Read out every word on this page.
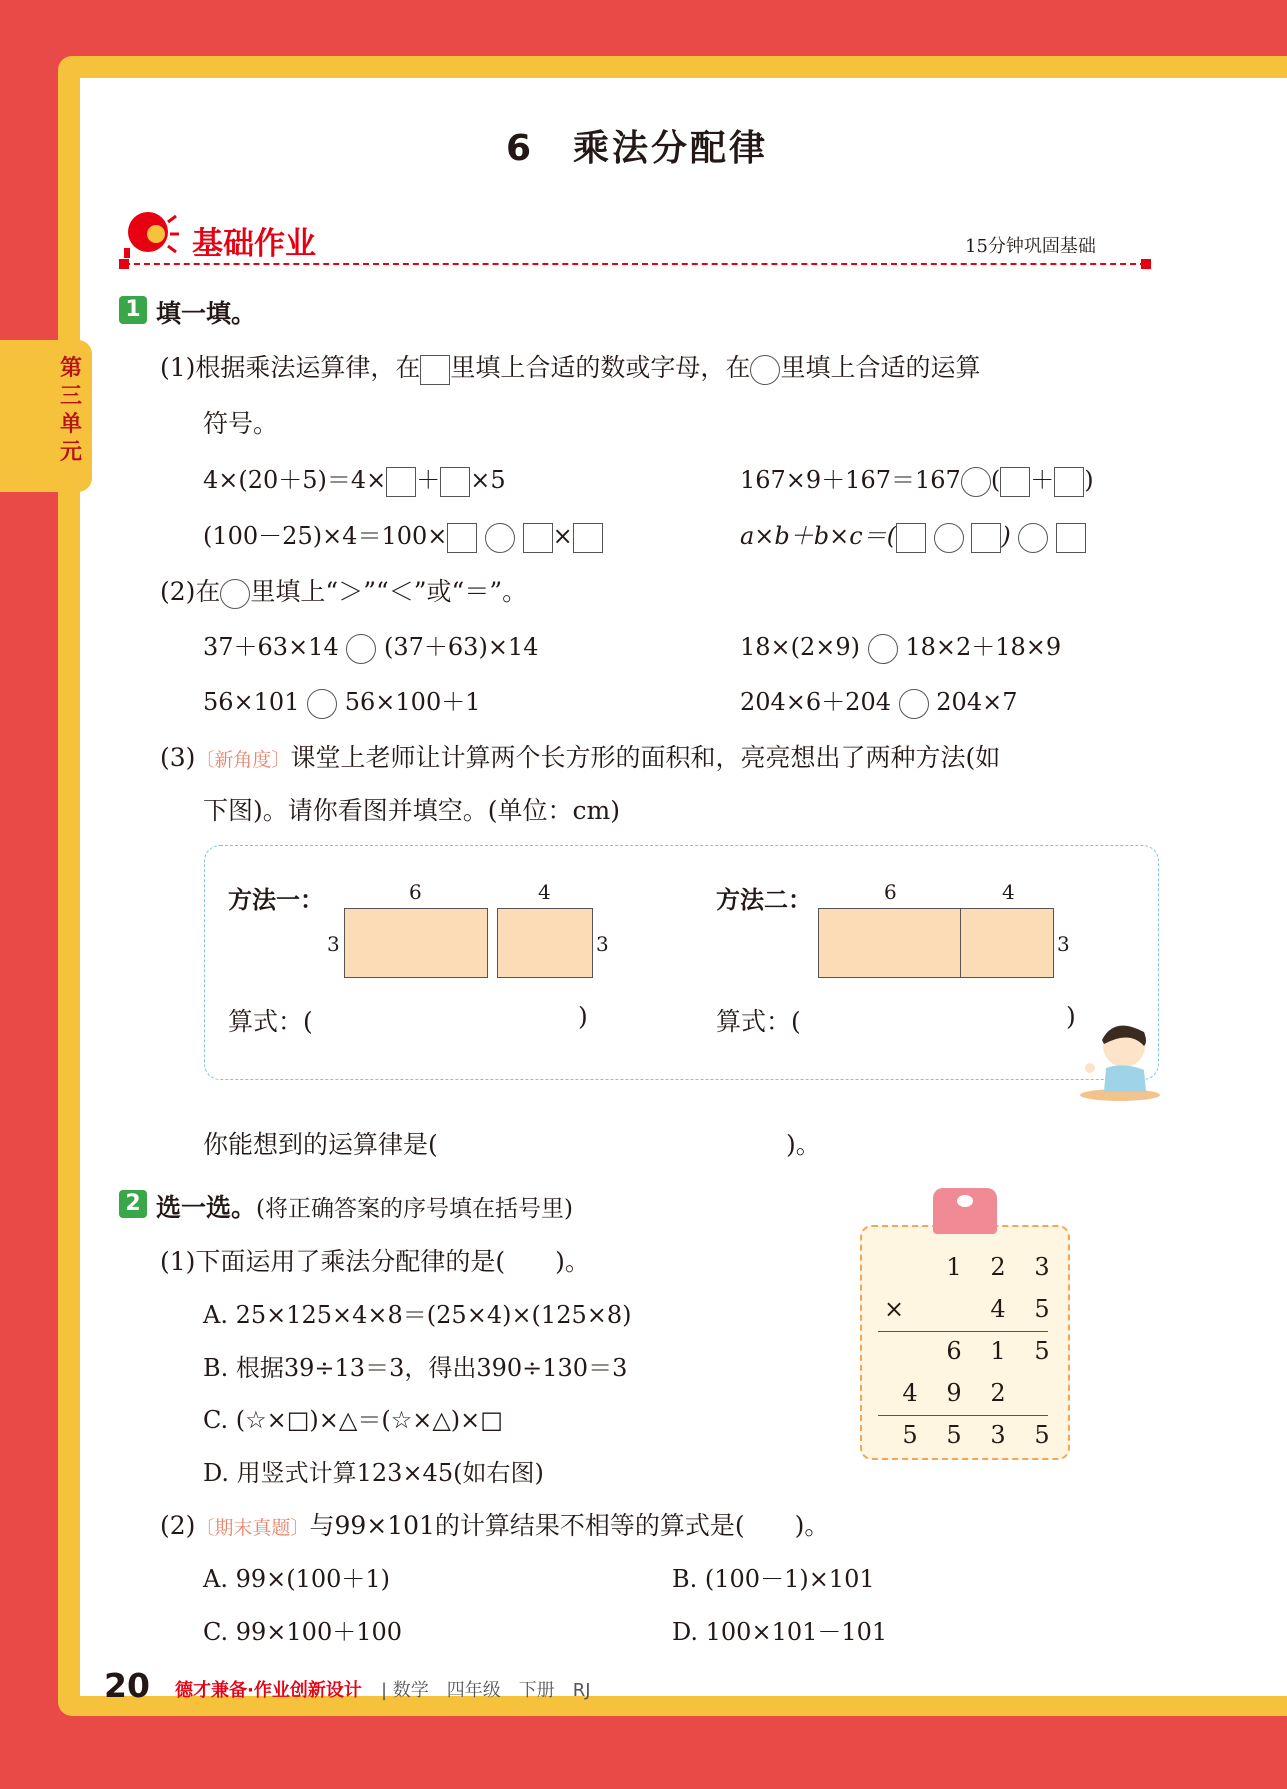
第三单元
6　乘法分配律
基础作业	15分钟巩固基础
1 填一填。
(1)根据乘法运算律，在 里填上合适的数或字母，在 里填上合适的运算
符号。
4×(20＋5)＝4× ＋ ×5	167×9＋167＝167 ( ＋ )
(100－25)×4＝100×	×	a×b＋b×c＝(	)
(2)在 里填上“＞”“＜”或“＝”。
37＋63×14 (37＋63)×14	18×(2×9) 18×2＋18×9
56×101 56×100＋1	204×6＋204 204×7
(3)〔新角度〕课堂上老师让计算两个长方形的面积和，亮亮想出了两种方法(如
下图)。请你看图并填空。(单位：cm)
方法一：	6	4
3	3
方法二：	6	4
3
算式：(	)	算式：(	)
你能想到的运算律是(	)。
2 选一选。(将正确答案的序号填在括号里)
(1)下面运用了乘法分配律的是(　　)。
A. 25×125×4×8＝(25×4)×(125×8)
B. 根据39÷13＝3，得出390÷130＝3
C. (☆×□)×△＝(☆×△)×□
D. 用竖式计算123×45(如右图)
(2)〔期末真题〕与99×101的计算结果不相等的算式是(　　)。
A. 99×(100＋1)	B. (100－1)×101
C. 99×100＋100	D. 100×101－101
1 2 3
×	4 5
6 1 5
4 9 2
5 5 3 5
20 德才兼备·作业创新设计 | 数学　四年级　下册　RJ
